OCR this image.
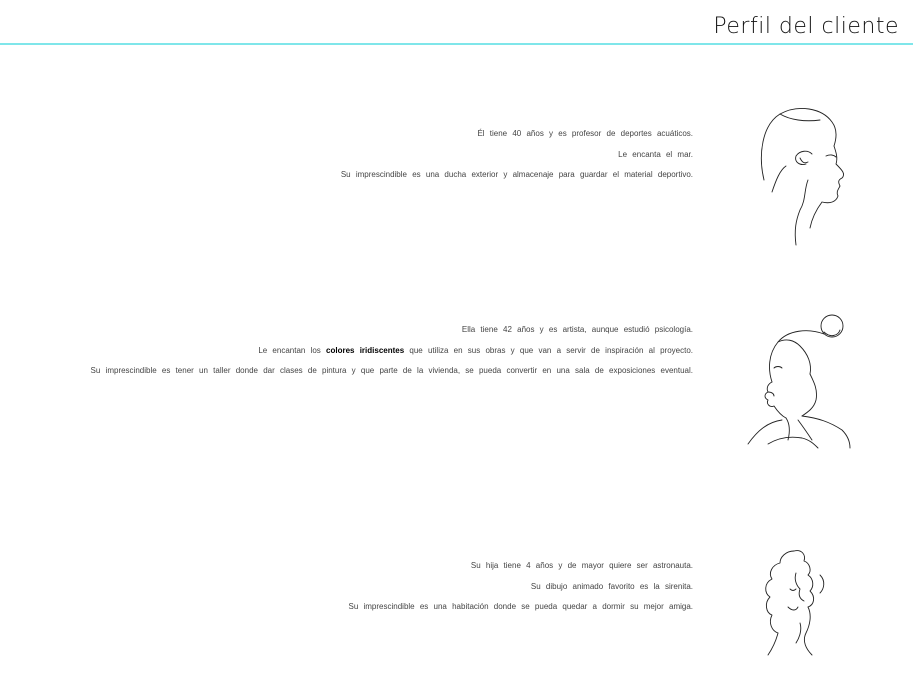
Perfil del cliente
Él tiene 40 años y es profesor de deportes acuáticos.
Le encanta el mar.
Su imprescindible es una ducha exterior y almacenaje para guardar el material deportivo.
Ella tiene 42 años y es artista, aunque estudió psicología.
Le encantan los colores iridiscentes que utiliza en sus obras y que van a servir de inspiración al proyecto.
Su imprescindible es tener un taller donde dar clases de pintura y que parte de la vivienda, se pueda convertir en una sala de exposiciones eventual.
Su hija tiene 4 años y de mayor quiere ser astronauta.
Su dibujo animado favorito es la sirenita.
Su imprescindible es una habitación donde se pueda quedar a dormir su mejor amiga.
